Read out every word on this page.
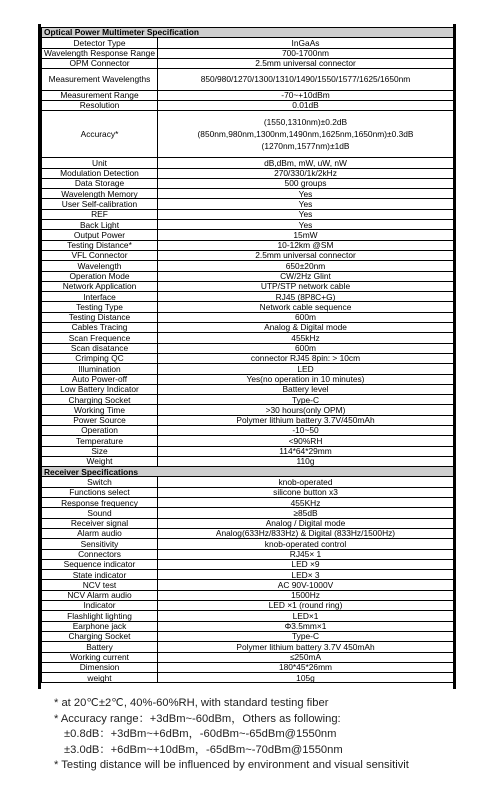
Optical Power Multimeter Specification	
Detector Type	InGaAs
Wavelength Response Range	700-1700nm
OPM Connector	2.5mm universal connector
Measurement Wavelengths	850/980/1270/1300/1310/1490/1550/1577/1625/1650nm
Measurement Range	-70~+10dBm
Resolution	0.01dB
Accuracy*	(1550,1310nm)±0.2dB
(850nm,980nm,1300nm,1490nm,1625nm,1650nm)±0.3dB
(1270nm,1577nm)±1dB

Unit	dB,dBm, mW, uW, nW
Modulation Detection	270/330/1k/2kHz
Data Storage	500 groups
Wavelength Memory	Yes
User Self-calibration	Yes
REF	Yes
Back Light	Yes
Output Power	15mW
Testing Distance*	10-12km @SM
VFL Connector	2.5mm universal connector
Wavelength	650±20nm
Operation Mode	CW/2Hz Glint
Network Application	UTP/STP network cable
Interface	RJ45 (8P8C+G)
Testing Type	Network cable sequence
Testing Distance	600m
Cables Tracing	Analog & Digital mode
Scan Frequence	455kHz
Scan disatance	600m
Crimping QC	connector RJ45 8pin: > 10cm
Illumination	LED
Auto Power-off	Yes(no operation in 10 minutes)
Low Battery Indicator	Battery level
Charging Socket	Type-C
Working Time	>30 hours(only OPM)
Power Source	Polymer lithium battery 3.7V/450mAh
Operation	-10~50
Temperature	<90%RH
Size	114*64*29mm
Weight	110g
Receiver Specifications	
Switch	knob-operated
Functions select	silicone button x3
Response frequency	455KHz
Sound	≥85dB
Receiver signal	Analog / Digital mode
Alarm audio	Analog(633Hz/833Hz) & Digital (833Hz/1500Hz)
Sensitivity	knob-operated control
Connectors	RJ45× 1
Sequence indicator	LED ×9
State indicator	LED× 3
NCV test	AC 90V-1000V
NCV Alarm audio	1500Hz
Indicator	LED ×1 (round ring)
Flashlight lighting	LED×1
Earphone jack	Φ3.5mm×1
Charging Socket	Type-C
Battery	Polymer lithium battery 3.7V 450mAh
Working current	≤250mA
Dimension	180*45*26mm
weight	105g
* at 20℃±2℃, 40%-60%RH, with standard testing fiber
* Accuracy range：+3dBm~-60dBm，Others as following:
±0.8dB：+3dBm~+6dBm，-60dBm~-65dBm@1550nm
±3.0dB：+6dBm~+10dBm，-65dBm~-70dBm@1550nm
* Testing distance will be influenced by environment and visual sensitivit
